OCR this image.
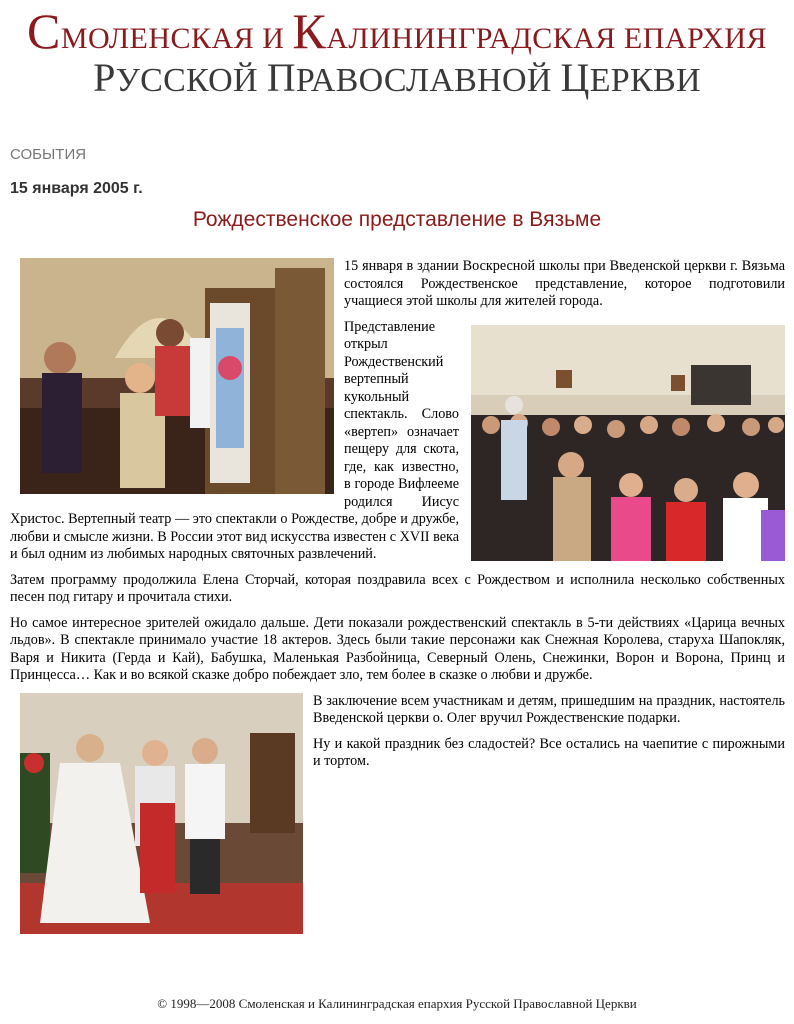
СМОЛЕНСКАЯ И КАЛИНИНГРАДСКАЯ ЕПАРХИЯ
РУССКОЙ ПРАВОСЛАВНОЙ ЦЕРКВИ
СОБЫТИЯ
15 января 2005 г.
Рождественское представление в Вязьме

15 января в здании Воскресной школы при Введенской церкви г. Вязьма состоялся Рождественское представление, которое подготовили учащиеся этой школы для жителей города.

Представление открыл Рождественский вертепный кукольный спектакль. Слово «вертеп» означает пещеру для скота, где, как известно, в городе Вифлееме родился Иисус Христос. Вертепный театр — это спектакли о Рождестве, добре и дружбе, любви и смысле жизни. В России этот вид искусства известен с XVII века и был одним из любимых народных святочных развлечений.

Затем программу продолжила Елена Сторчай, которая поздравила всех с Рождеством и исполнила несколько собственных песен под гитару и прочитала стихи.

Но самое интересное зрителей ожидало дальше. Дети показали рождественский спектакль в 5-ти действиях «Царица вечных льдов». В спектакле принимало участие 18 актеров. Здесь были такие персонажи как Снежная Королева, старуха Шапокляк, Варя и Никита (Герда и Кай), Бабушка, Маленькая Разбойница, Северный Олень, Снежинки, Ворон и Ворона, Принц и Принцесса… Как и во всякой сказке добро побеждает зло, тем более в сказке о любви и дружбе.

В заключение всем участникам и детям, пришедшим на праздник, настоятель Введенской церкви о. Олег вручил Рождественские подарки.

Ну и какой праздник без сладостей? Все остались на чаепитие с пирожными и тортом.

© 1998—2008 Смоленская и Калининградская епархия Русской Православной Церкви
